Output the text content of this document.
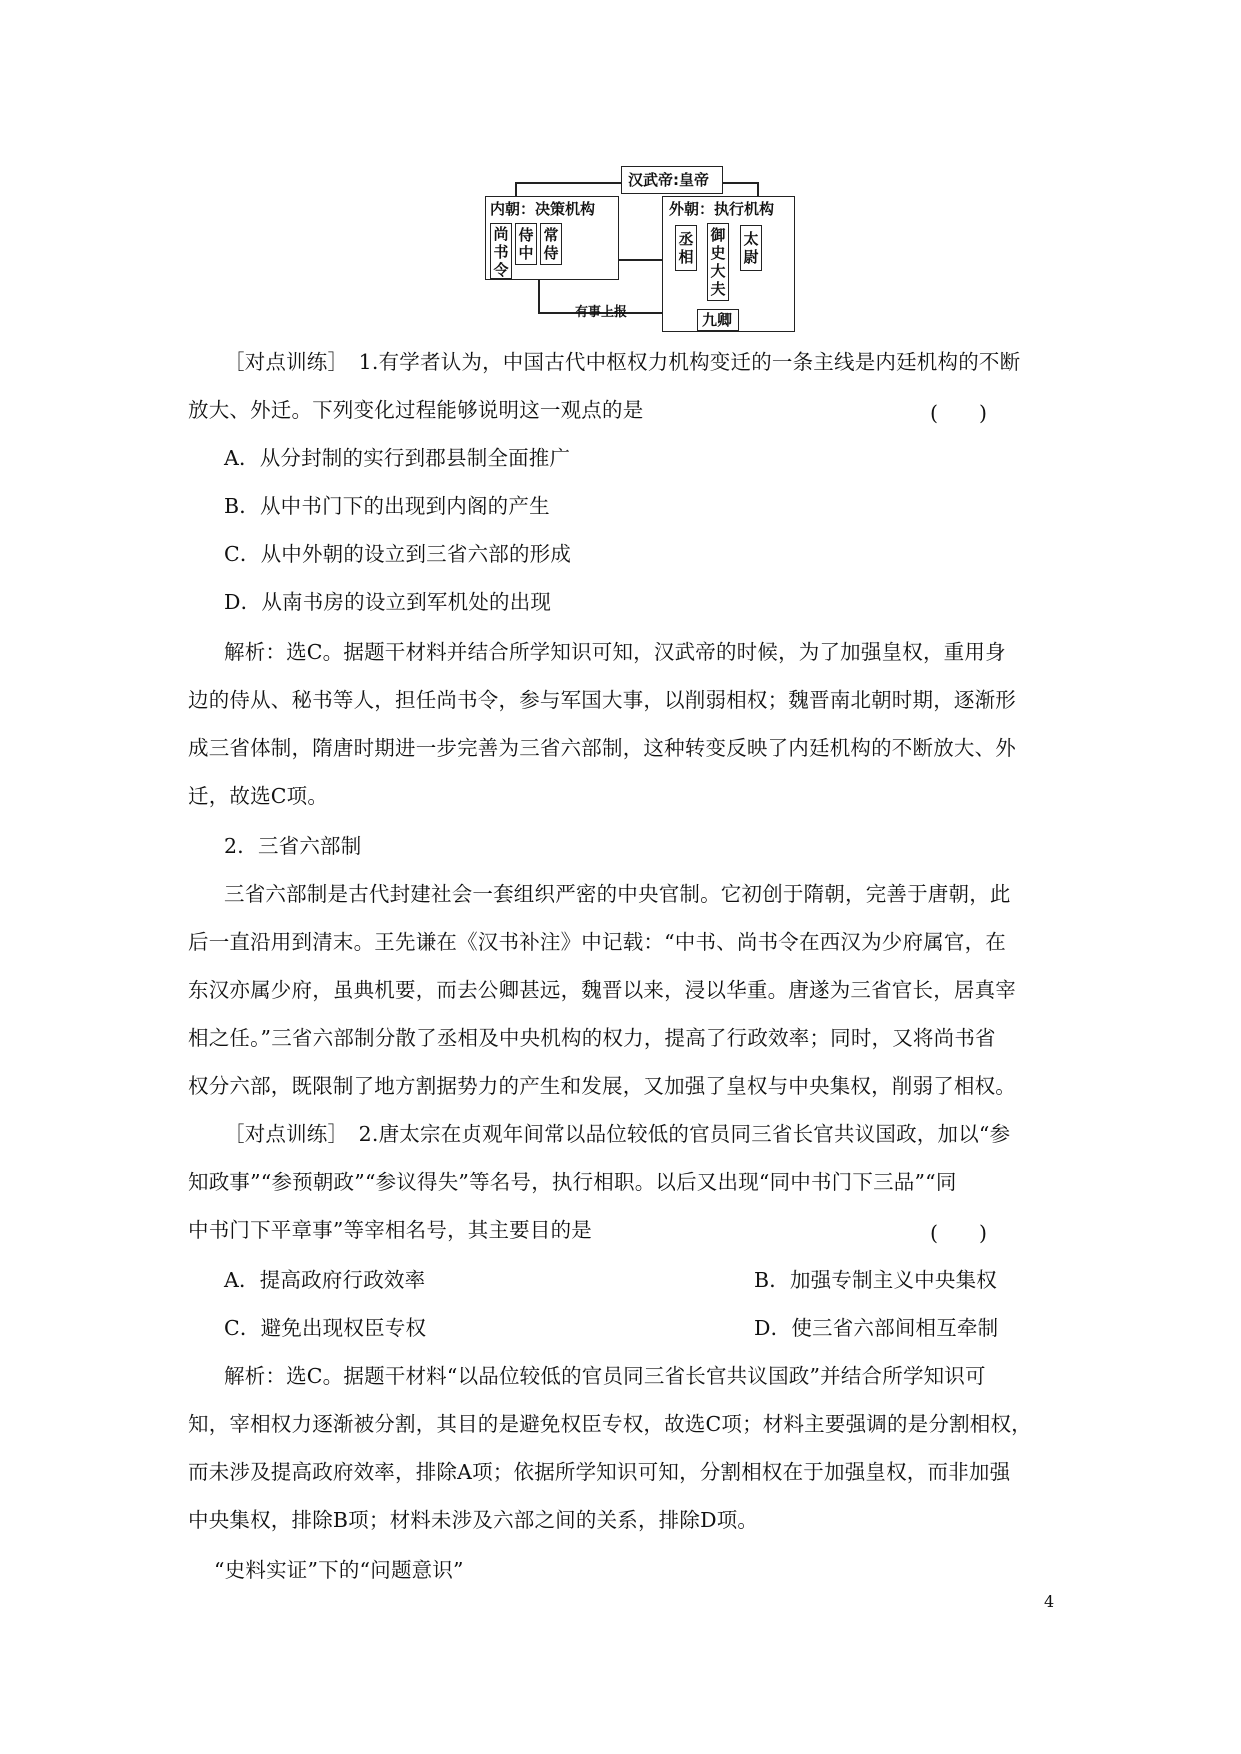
汉武帝:皇帝
内朝：决策机构
尚书令
侍中
常侍
外朝：执行机构
丞相
御史大夫
太尉
九卿
有事上报
［对点训练］　1.有学者认为，中国古代中枢权力机构变迁的一条主线是内廷机构的不断
放大、外迁。下列变化过程能够说明这一观点的是	(　　)
A．从分封制的实行到郡县制全面推广
B．从中书门下的出现到内阁的产生
C．从中外朝的设立到三省六部的形成
D．从南书房的设立到军机处的出现
解析：选C。据题干材料并结合所学知识可知，汉武帝的时候，为了加强皇权，重用身
边的侍从、秘书等人，担任尚书令，参与军国大事，以削弱相权；魏晋南北朝时期，逐渐形
成三省体制，隋唐时期进一步完善为三省六部制，这种转变反映了内廷机构的不断放大、外
迁，故选C项。
2．三省六部制
三省六部制是古代封建社会一套组织严密的中央官制。它初创于隋朝，完善于唐朝，此
后一直沿用到清末。王先谦在《汉书补注》中记载：“中书、尚书令在西汉为少府属官，在
东汉亦属少府，虽典机要，而去公卿甚远，魏晋以来，浸以华重。唐遂为三省官长，居真宰
相之任。”三省六部制分散了丞相及中央机构的权力，提高了行政效率；同时，又将尚书省
权分六部，既限制了地方割据势力的产生和发展，又加强了皇权与中央集权，削弱了相权。
［对点训练］　2.唐太宗在贞观年间常以品位较低的官员同三省长官共议国政，加以“参
知政事”“参预朝政”“参议得失”等名号，执行相职。以后又出现“同中书门下三品”“同
中书门下平章事”等宰相名号，其主要目的是	(　　)
A．提高政府行政效率	B．加强专制主义中央集权
C．避免出现权臣专权	D．使三省六部间相互牵制
解析：选C。据题干材料“以品位较低的官员同三省长官共议国政”并结合所学知识可
知，宰相权力逐渐被分割，其目的是避免权臣专权，故选C项；材料主要强调的是分割相权，
而未涉及提高政府效率，排除A项；依据所学知识可知，分割相权在于加强皇权，而非加强
中央集权，排除B项；材料未涉及六部之间的关系，排除D项。
“史料实证”下的“问题意识”
4
